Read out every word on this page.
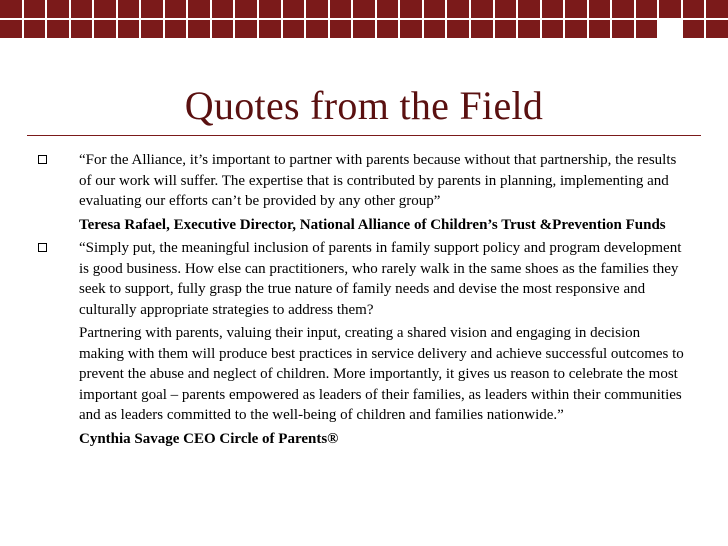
Quotes from the Field

“For the Alliance, it’s important to partner with parents because without that partnership, the results of our work will suffer. The expertise that is contributed by parents in planning, implementing and evaluating our efforts can’t be provided by any other group”

Teresa Rafael, Executive Director, National Alliance of Children’s Trust &Prevention Funds

“Simply put, the meaningful inclusion of parents in family support policy and program development is good business. How else can practitioners, who rarely walk in the same shoes as the families they seek to support, fully grasp the true nature of family needs and devise the most responsive and culturally appropriate strategies to address them?

Partnering with parents, valuing their input, creating a shared vision and engaging in decision making with them will produce best practices in service delivery and achieve successful outcomes to prevent the abuse and neglect of children. More importantly, it gives us reason to celebrate the most important goal – parents empowered as leaders of their families, as leaders within their communities and as leaders committed to the well-being of children and families nationwide.”

Cynthia Savage CEO Circle of Parents®
